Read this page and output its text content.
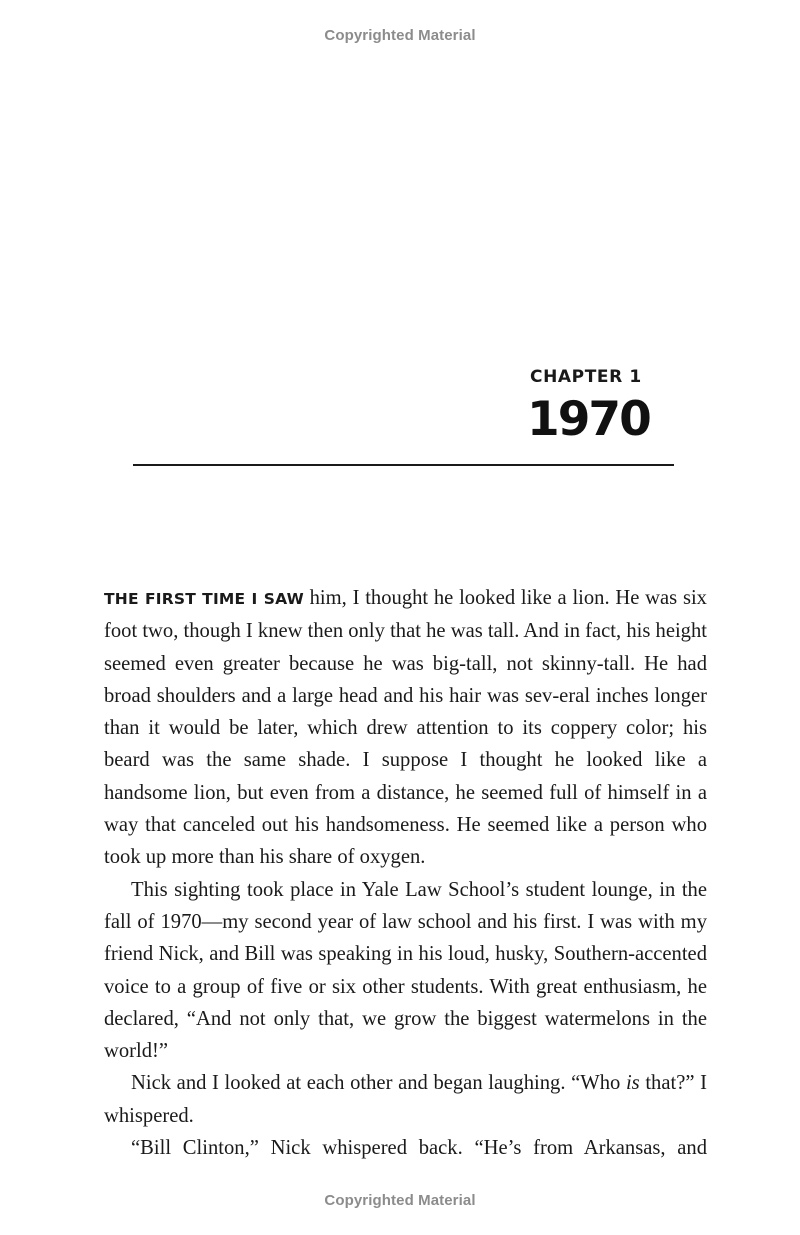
Copyrighted Material
CHAPTER 1
1970

THE FIRST TIME I SAW him, I thought he looked like a lion. He was six foot two, though I knew then only that he was tall. And in fact, his height seemed even greater because he was big-tall, not skinny-tall. He had broad shoulders and a large head and his hair was sev-eral inches longer than it would be later, which drew attention to its coppery color; his beard was the same shade. I suppose I thought he looked like a handsome lion, but even from a distance, he seemed full of himself in a way that canceled out his handsomeness. He seemed like a person who took up more than his share of oxygen.

This sighting took place in Yale Law School’s student lounge, in the fall of 1970—my second year of law school and his first. I was with my friend Nick, and Bill was speaking in his loud, husky, Southern-accented voice to a group of five or six other students. With great enthusiasm, he declared, “And not only that, we grow the biggest watermelons in the world!”

Nick and I looked at each other and began laughing. “Who is that?” I whispered.

“Bill Clinton,” Nick whispered back. “He’s from Arkansas, and

Copyrighted Material
